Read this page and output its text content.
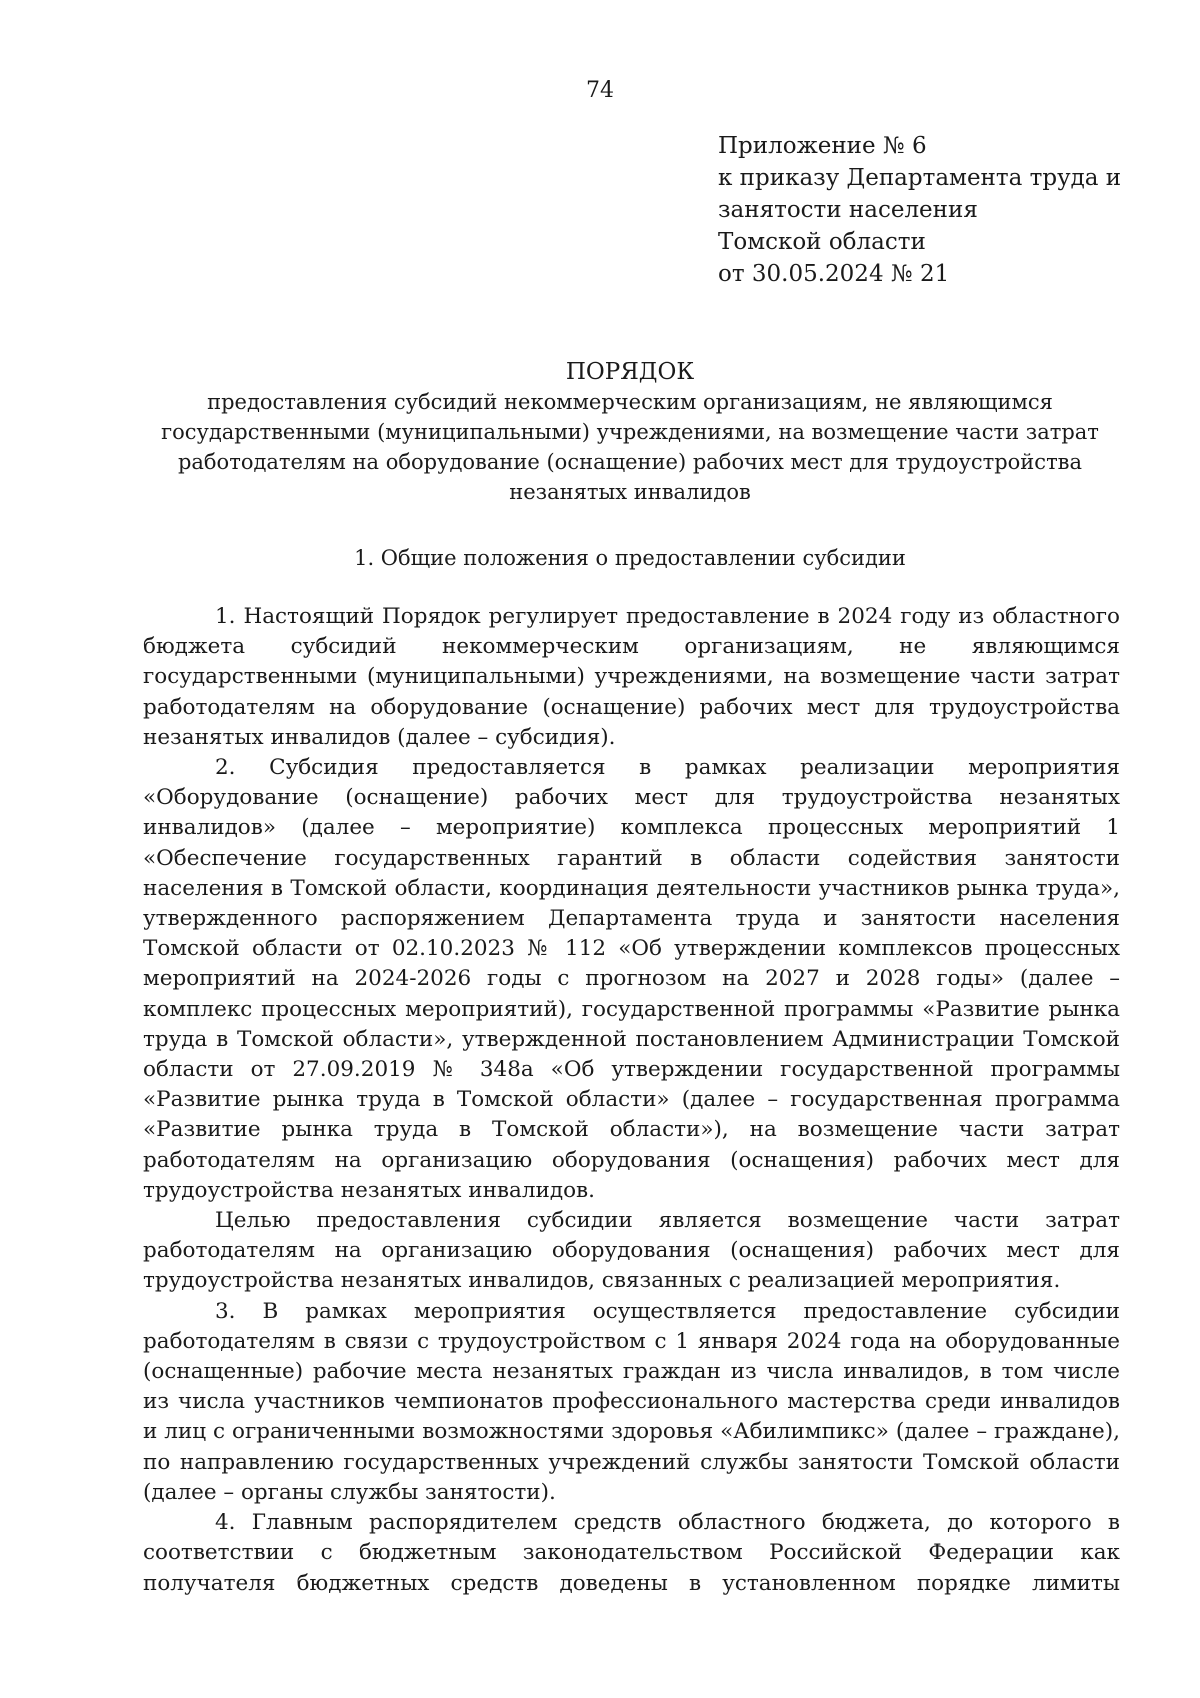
74
Приложение № 6
к приказу Департамента труда и
занятости населения
Томской области
от 30.05.2024 № 21

ПОРЯДОК

предоставления субсидий некоммерческим организациям, не являющимся государственными (муниципальными) учреждениями, на возмещение части затрат работодателям на оборудование (оснащение) рабочих мест для трудоустройства незанятых инвалидов

1. Общие положения о предоставлении субсидии

1. Настоящий Порядок регулирует предоставление в 2024 году из областного бюджета субсидий некоммерческим организациям, не являющимся государственными (муниципальными) учреждениями, на возмещение части затрат работодателям на оборудование (оснащение) рабочих мест для трудоустройства незанятых инвалидов (далее – субсидия).

2. Субсидия предоставляется в рамках реализации мероприятия «Оборудование (оснащение) рабочих мест для трудоустройства незанятых инвалидов» (далее – мероприятие) комплекса процессных мероприятий 1 «Обеспечение государственных гарантий в области содействия занятости населения в Томской области, координация деятельности участников рынка труда», утвержденного распоряжением Департамента труда и занятости населения Томской области от 02.10.2023 № 112 «Об утверждении комплексов процессных мероприятий на 2024-2026 годы с прогнозом на 2027 и 2028 годы» (далее – комплекс процессных мероприятий), государственной программы «Развитие рынка труда в Томской области», утвержденной постановлением Администрации Томской области от 27.09.2019 № 348а «Об утверждении государственной программы «Развитие рынка труда в Томской области» (далее – государственная программа «Развитие рынка труда в Томской области»), на возмещение части затрат работодателям на организацию оборудования (оснащения) рабочих мест для трудоустройства незанятых инвалидов.

Целью предоставления субсидии является возмещение части затрат работодателям на организацию оборудования (оснащения) рабочих мест для трудоустройства незанятых инвалидов, связанных с реализацией мероприятия.

3. В рамках мероприятия осуществляется предоставление субсидии работодателям в связи с трудоустройством с 1 января 2024 года на оборудованные (оснащенные) рабочие места незанятых граждан из числа инвалидов, в том числе из числа участников чемпионатов профессионального мастерства среди инвалидов и лиц с ограниченными возможностями здоровья «Абилимпикс» (далее – граждане), по направлению государственных учреждений службы занятости Томской области (далее – органы службы занятости).

4. Главным распорядителем средств областного бюджета, до которого в соответствии с бюджетным законодательством Российской Федерации как получателя бюджетных средств доведены в установленном порядке лимиты
